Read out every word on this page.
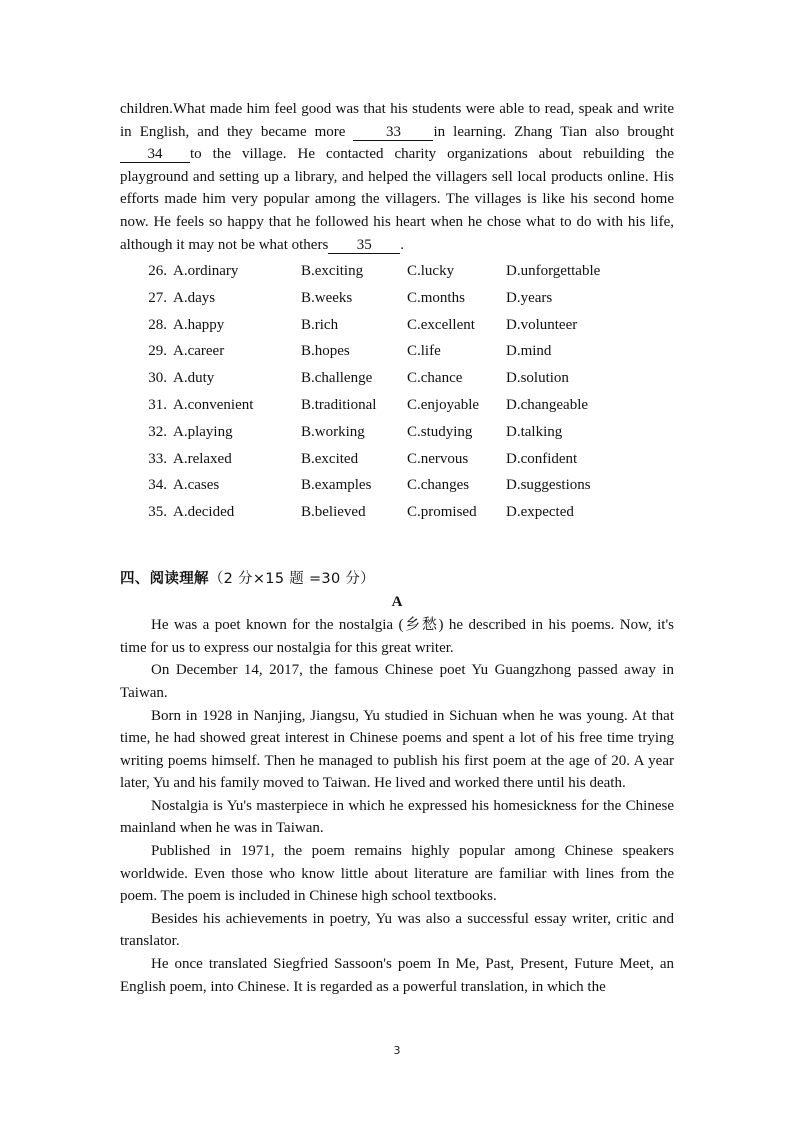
children.What made him feel good was that his students were able to read, speak and write in English, and they became more 33 in learning. Zhang Tian also brought 34 to the village. He contacted charity organizations about rebuilding the playground and setting up a library, and helped the villagers sell local products online. His efforts made him very popular among the villagers. The villages is like his second home now. He feels so happy that he followed his heart when he chose what to do with his life, although it may not be what others 35 .

26. A.ordinary	B.exciting	C.lucky	D.unforgettable
27. A.days	B.weeks	C.months	D.years
28. A.happy	B.rich	C.excellent	D.volunteer
29. A.career	B.hopes	C.life	D.mind
30. A.duty	B.challenge	C.chance	D.solution
31. A.convenient	B.traditional	C.enjoyable	D.changeable
32. A.playing	B.working	C.studying	D.talking
33. A.relaxed	B.excited	C.nervous	D.confident
34. A.cases	B.examples	C.changes	D.suggestions
35. A.decided	B.believed	C.promised	D.expected
四、阅读理解（2 分×15 题 =30 分）
A

He was a poet known for the nostalgia (乡愁) he described in his poems. Now, it's time for us to express our nostalgia for this great writer.

On December 14, 2017, the famous Chinese poet Yu Guangzhong passed away in Taiwan.

Born in 1928 in Nanjing, Jiangsu, Yu studied in Sichuan when he was young. At that time, he had showed great interest in Chinese poems and spent a lot of his free time trying writing poems himself. Then he managed to publish his first poem at the age of 20. A year later, Yu and his family moved to Taiwan. He lived and worked there until his death.

Nostalgia is Yu's masterpiece in which he expressed his homesickness for the Chinese mainland when he was in Taiwan.

Published in 1971, the poem remains highly popular among Chinese speakers worldwide. Even those who know little about literature are familiar with lines from the poem. The poem is included in Chinese high school textbooks.

Besides his achievements in poetry, Yu was also a successful essay writer, critic and translator.

He once translated Siegfried Sassoon's poem In Me, Past, Present, Future Meet, an English poem, into Chinese. It is regarded as a powerful translation, in which the

3
